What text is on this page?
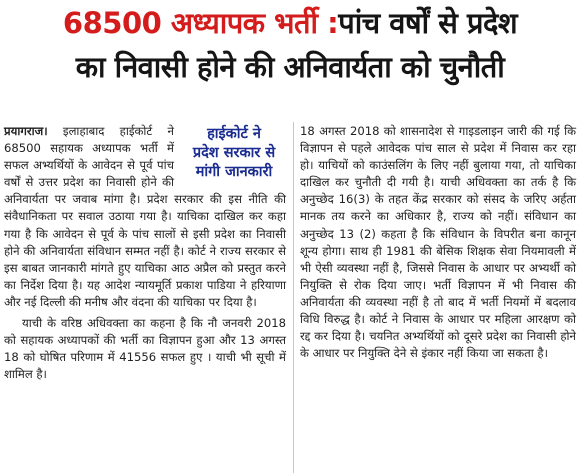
68500 अध्यापक भर्ती :पांच वर्षों से प्रदेश
का निवासी होने की अनिवार्यता को चुनौती

हाईकोर्ट ने
प्रदेश सरकार से
मांगी जानकारी
प्रयागराज। इलाहाबाद हाईकोर्ट ने 68500 सहायक अध्यापक भर्ती में सफल अभ्यर्थियों के आवेदन से पूर्व पांच वर्षों से उत्तर प्रदेश का निवासी होने की अनिवार्यता पर जवाब मांगा है। प्रदेश सरकार की इस नीति की संवैधानिकता पर सवाल उठाया गया है। याचिका दाखिल कर कहा गया है कि आवेदन से पूर्व के पांच सालों से इसी प्रदेश का निवासी होने की अनिवार्यता संविधान सम्मत नहीं है। कोर्ट ने राज्य सरकार से इस बाबत जानकारी मांगते हुए याचिका आठ अप्रैल को प्रस्तुत करने का निर्देश दिया है। यह आदेश न्यायमूर्ति प्रकाश पाडिया ने हरियाणा और नई दिल्ली की मनीष और वंदना की याचिका पर दिया है।

याची के वरिष्ठ अधिवक्ता का कहना है कि नौ जनवरी 2018 को सहायक अध्यापकों की भर्ती का विज्ञापन हुआ और 13 अगस्त 18 को घोषित परिणाम में 41556 सफल हुए । याची भी सूची में शामिल है।

18 अगस्त 2018 को शासनादेश से गाइडलाइन जारी की गई कि विज्ञापन से पहले आवेदक पांच साल से प्रदेश में निवास कर रहा हो। याचियों को काउंसलिंग के लिए नहीं बुलाया गया, तो याचिका दाखिल कर चुनौती दी गयी है। याची अधिवक्ता का तर्क है कि अनुच्छेद 16(3) के तहत केंद्र सरकार को संसद के जरिए अर्हता मानक तय करने का अधिकार है, राज्य को नहीं। संविधान का अनुच्छेद 13 (2) कहता है कि संविधान के विपरीत बना कानून शून्य होगा। साथ ही 1981 की बेसिक शिक्षक सेवा नियमावली में भी ऐसी व्यवस्था नहीं है, जिससे निवास के आधार पर अभ्यर्थी को नियुक्ति से रोक दिया जाए। भर्ती विज्ञापन में भी निवास की अनिवार्यता की व्यवस्था नहीं है तो बाद में भर्ती नियमों में बदलाव विधि विरुद्ध है। कोर्ट ने निवास के आधार पर महिला आरक्षण को रद्द कर दिया है। चयनित अभ्यर्थियों को दूसरे प्रदेश का निवासी होने के आधार पर नियुक्ति देने से इंकार नहीं किया जा सकता है।
